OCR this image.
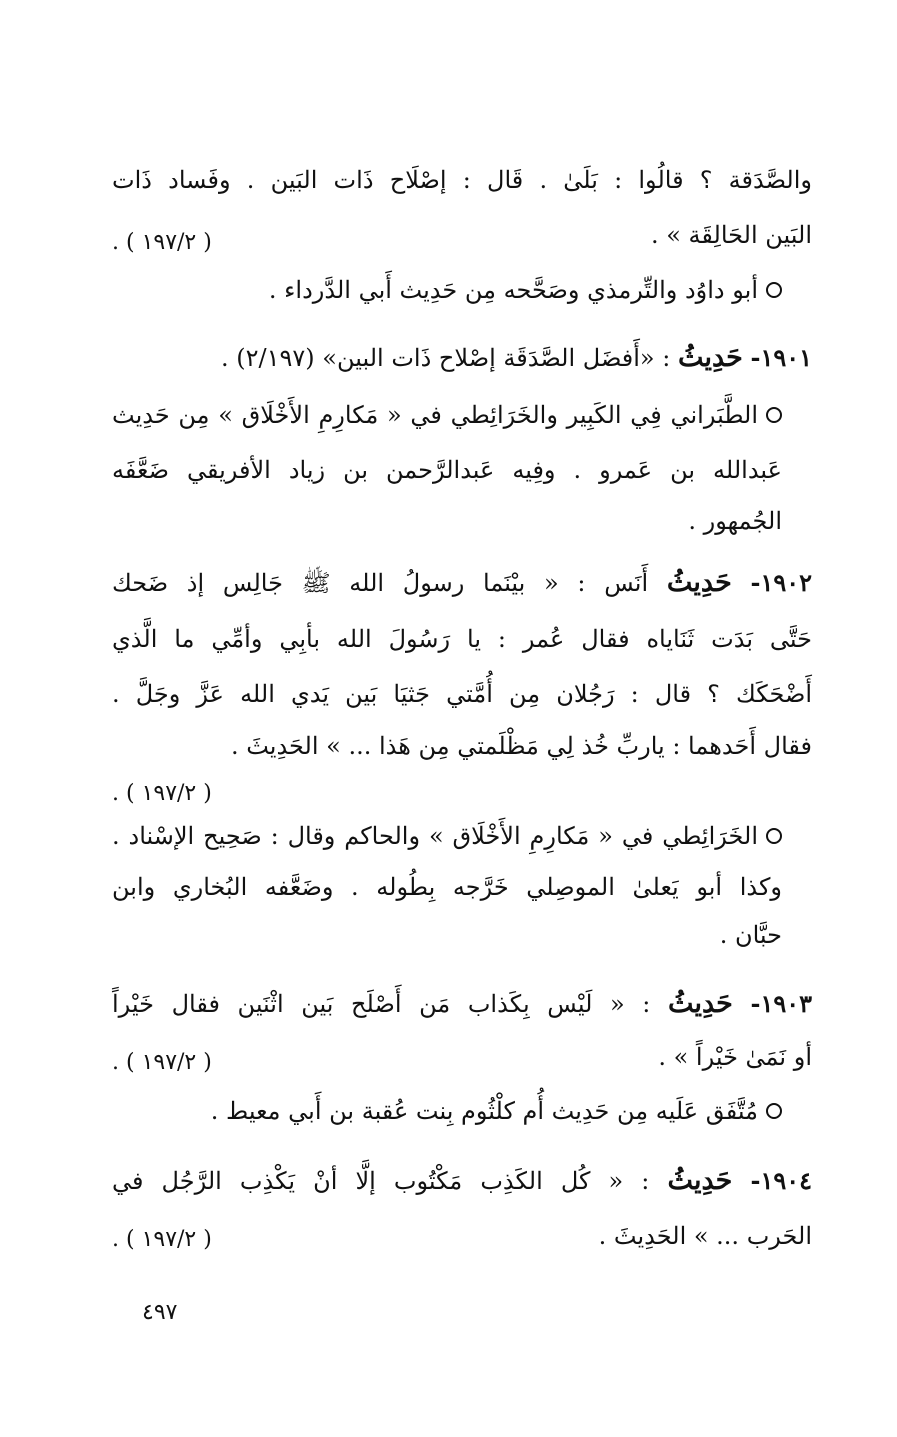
والصَّدَقة ؟ قالُوا : بَلَىٰ . قَال : إصْلَاح ذَات البَين . وفَساد ذَات
البَين الحَالِقَة » .
( ١٩٧/٢ ) .
أبو داوُد والتِّرمذي وصَحَّحه مِن حَدِيث أَبي الدَّرداء .
١٩٠١- حَدِيثُ : «أَفضَل الصَّدَقَة إصْلاح ذَات البين» (٢/١٩٧) .
الطَّبَراني فِي الكَبِير والخَرَائِطي في « مَكارِمِ الأَخْلَاق » مِن حَدِيث
عَبدالله بن عَمرو . وفِيه عَبدالرَّحمن بن زياد الأفريقي ضَعَّفَه
الجُمهور .
١٩٠٢- حَدِيثُ أَنَس : « بيْنَما رسولُ الله ﷺ جَالِس إذ ضَحك
حَتَّى بَدَت ثَنَاياه فقال عُمر : يا رَسُولَ الله بأبِي وأمِّي ما الَّذي
أَضْحَكَك ؟ قال : رَجُلان مِن أُمَّتي جَثيَا بَين يَدي الله عَزَّ وجَلَّ .
فقال أَحَدهما : ياربِّ خُذ لِي مَظْلَمتي مِن هَذا ... » الحَدِيثَ .
( ١٩٧/٢ ) .
الخَرَائِطي في « مَكارِمِ الأَخْلَاق » والحاكم وقال : صَحِيح الإسْناد .
وكذا أبو يَعلىٰ الموصِلي خَرَّجه بِطُوله . وضَعَّفه البُخاري وابن
حبَّان .
١٩٠٣- حَدِيثُ : « لَيْس بِكَذاب مَن أَصْلَح بَين اثْنَين فقال خَيْراً
أو نَمَىٰ خَيْراً » .
( ١٩٧/٢ ) .
مُتَّفَق عَلَيه مِن حَدِيث أُم كلْثُوم بِنت عُقبة بن أَبي معيط .
١٩٠٤- حَدِيثُ : « كُل الكَذِب مَكْتُوب إلَّا أنْ يَكْذِب الرَّجُل في
الحَرب ... » الحَدِيثَ .
( ١٩٧/٢ ) .
٤٩٧
